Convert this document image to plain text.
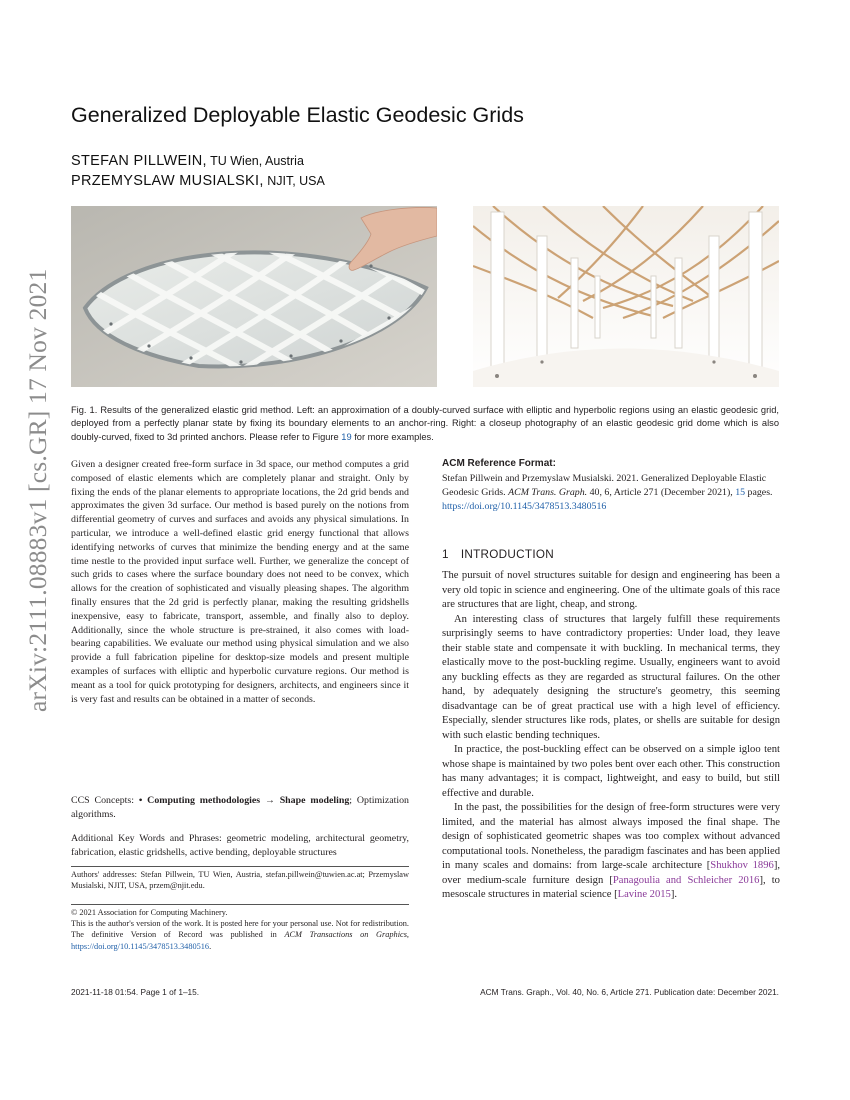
arXiv:2111.08883v1 [cs.GR] 17 Nov 2021
Generalized Deployable Elastic Geodesic Grids
STEFAN PILLWEIN, TU Wien, Austria
PRZEMYSLAW MUSIALSKI, NJIT, USA

Fig. 1. Results of the generalized elastic grid method. Left: an approximation of a doubly-curved surface with elliptic and hyperbolic regions using an elastic geodesic grid, deployed from a perfectly planar state by fixing its boundary elements to an anchor-ring. Right: a closeup photography of an elastic geodesic grid dome which is also doubly-curved, fixed to 3d printed anchors. Please refer to Figure 19 for more examples.

Given a designer created free-form surface in 3d space, our method computes a grid composed of elastic elements which are completely planar and straight. Only by fixing the ends of the planar elements to appropriate locations, the 2d grid bends and approximates the given 3d surface. Our method is based purely on the notions from differential geometry of curves and surfaces and avoids any physical simulations. In particular, we introduce a well-defined elastic grid energy functional that allows identifying networks of curves that minimize the bending energy and at the same time nestle to the provided input surface well. Further, we generalize the concept of such grids to cases where the surface boundary does not need to be convex, which allows for the creation of sophisticated and visually pleasing shapes. The algorithm finally ensures that the 2d grid is perfectly planar, making the resulting gridshells inexpensive, easy to fabricate, transport, assemble, and finally also to deploy. Additionally, since the whole structure is pre-strained, it also comes with load-bearing capabilities. We evaluate our method using physical simulation and we also provide a full fabrication pipeline for desktop-size models and present multiple examples of surfaces with elliptic and hyperbolic curvature regions. Our method is meant as a tool for quick prototyping for designers, architects, and engineers since it is very fast and results can be obtained in a matter of seconds.

CCS Concepts: • Computing methodologies → Shape modeling; Optimization algorithms.

Additional Key Words and Phrases: geometric modeling, architectural geometry, fabrication, elastic gridshells, active bending, deployable structures

Authors' addresses: Stefan Pillwein, TU Wien, Austria, stefan.pillwein@tuwien.ac.at; Przemyslaw Musialski, NJIT, USA, przem@njit.edu.

© 2021 Association for Computing Machinery.

This is the author's version of the work. It is posted here for your personal use. Not for redistribution. The definitive Version of Record was published in ACM Transactions on Graphics, https://doi.org/10.1145/3478513.3480516.

ACM Reference Format:

Stefan Pillwein and Przemyslaw Musialski. 2021. Generalized Deployable Elastic Geodesic Grids. ACM Trans. Graph. 40, 6, Article 271 (December 2021), 15 pages. https://doi.org/10.1145/3478513.3480516

1 INTRODUCTION

The pursuit of novel structures suitable for design and engineering has been a very old topic in science and engineering. One of the ultimate goals of this race are structures that are light, cheap, and strong.

An interesting class of structures that largely fulfill these requirements surprisingly seems to have contradictory properties: Under load, they leave their stable state and compensate it with buckling. In mechanical terms, they elastically move to the post-buckling regime. Usually, engineers want to avoid any buckling effects as they are regarded as structural failures. On the other hand, by adequately designing the structure's geometry, this seeming disadvantage can be of great practical use with a high level of efficiency. Especially, slender structures like rods, plates, or shells are suitable for design with such elastic bending techniques.

In practice, the post-buckling effect can be observed on a simple igloo tent whose shape is maintained by two poles bent over each other. This construction has many advantages; it is compact, lightweight, and easy to build, but still effective and durable.

In the past, the possibilities for the design of free-form structures were very limited, and the material has almost always imposed the final shape. The design of sophisticated geometric shapes was too complex without advanced computational tools. Nonetheless, the paradigm fascinates and has been applied in many scales and domains: from large-scale architecture [Shukhov 1896], over medium-scale furniture design [Panagoulia and Schleicher 2016], to mesoscale structures in material science [Lavine 2015].

2021-11-18 01:54. Page 1 of 1–15.	ACM Trans. Graph., Vol. 40, No. 6, Article 271. Publication date: December 2021.
